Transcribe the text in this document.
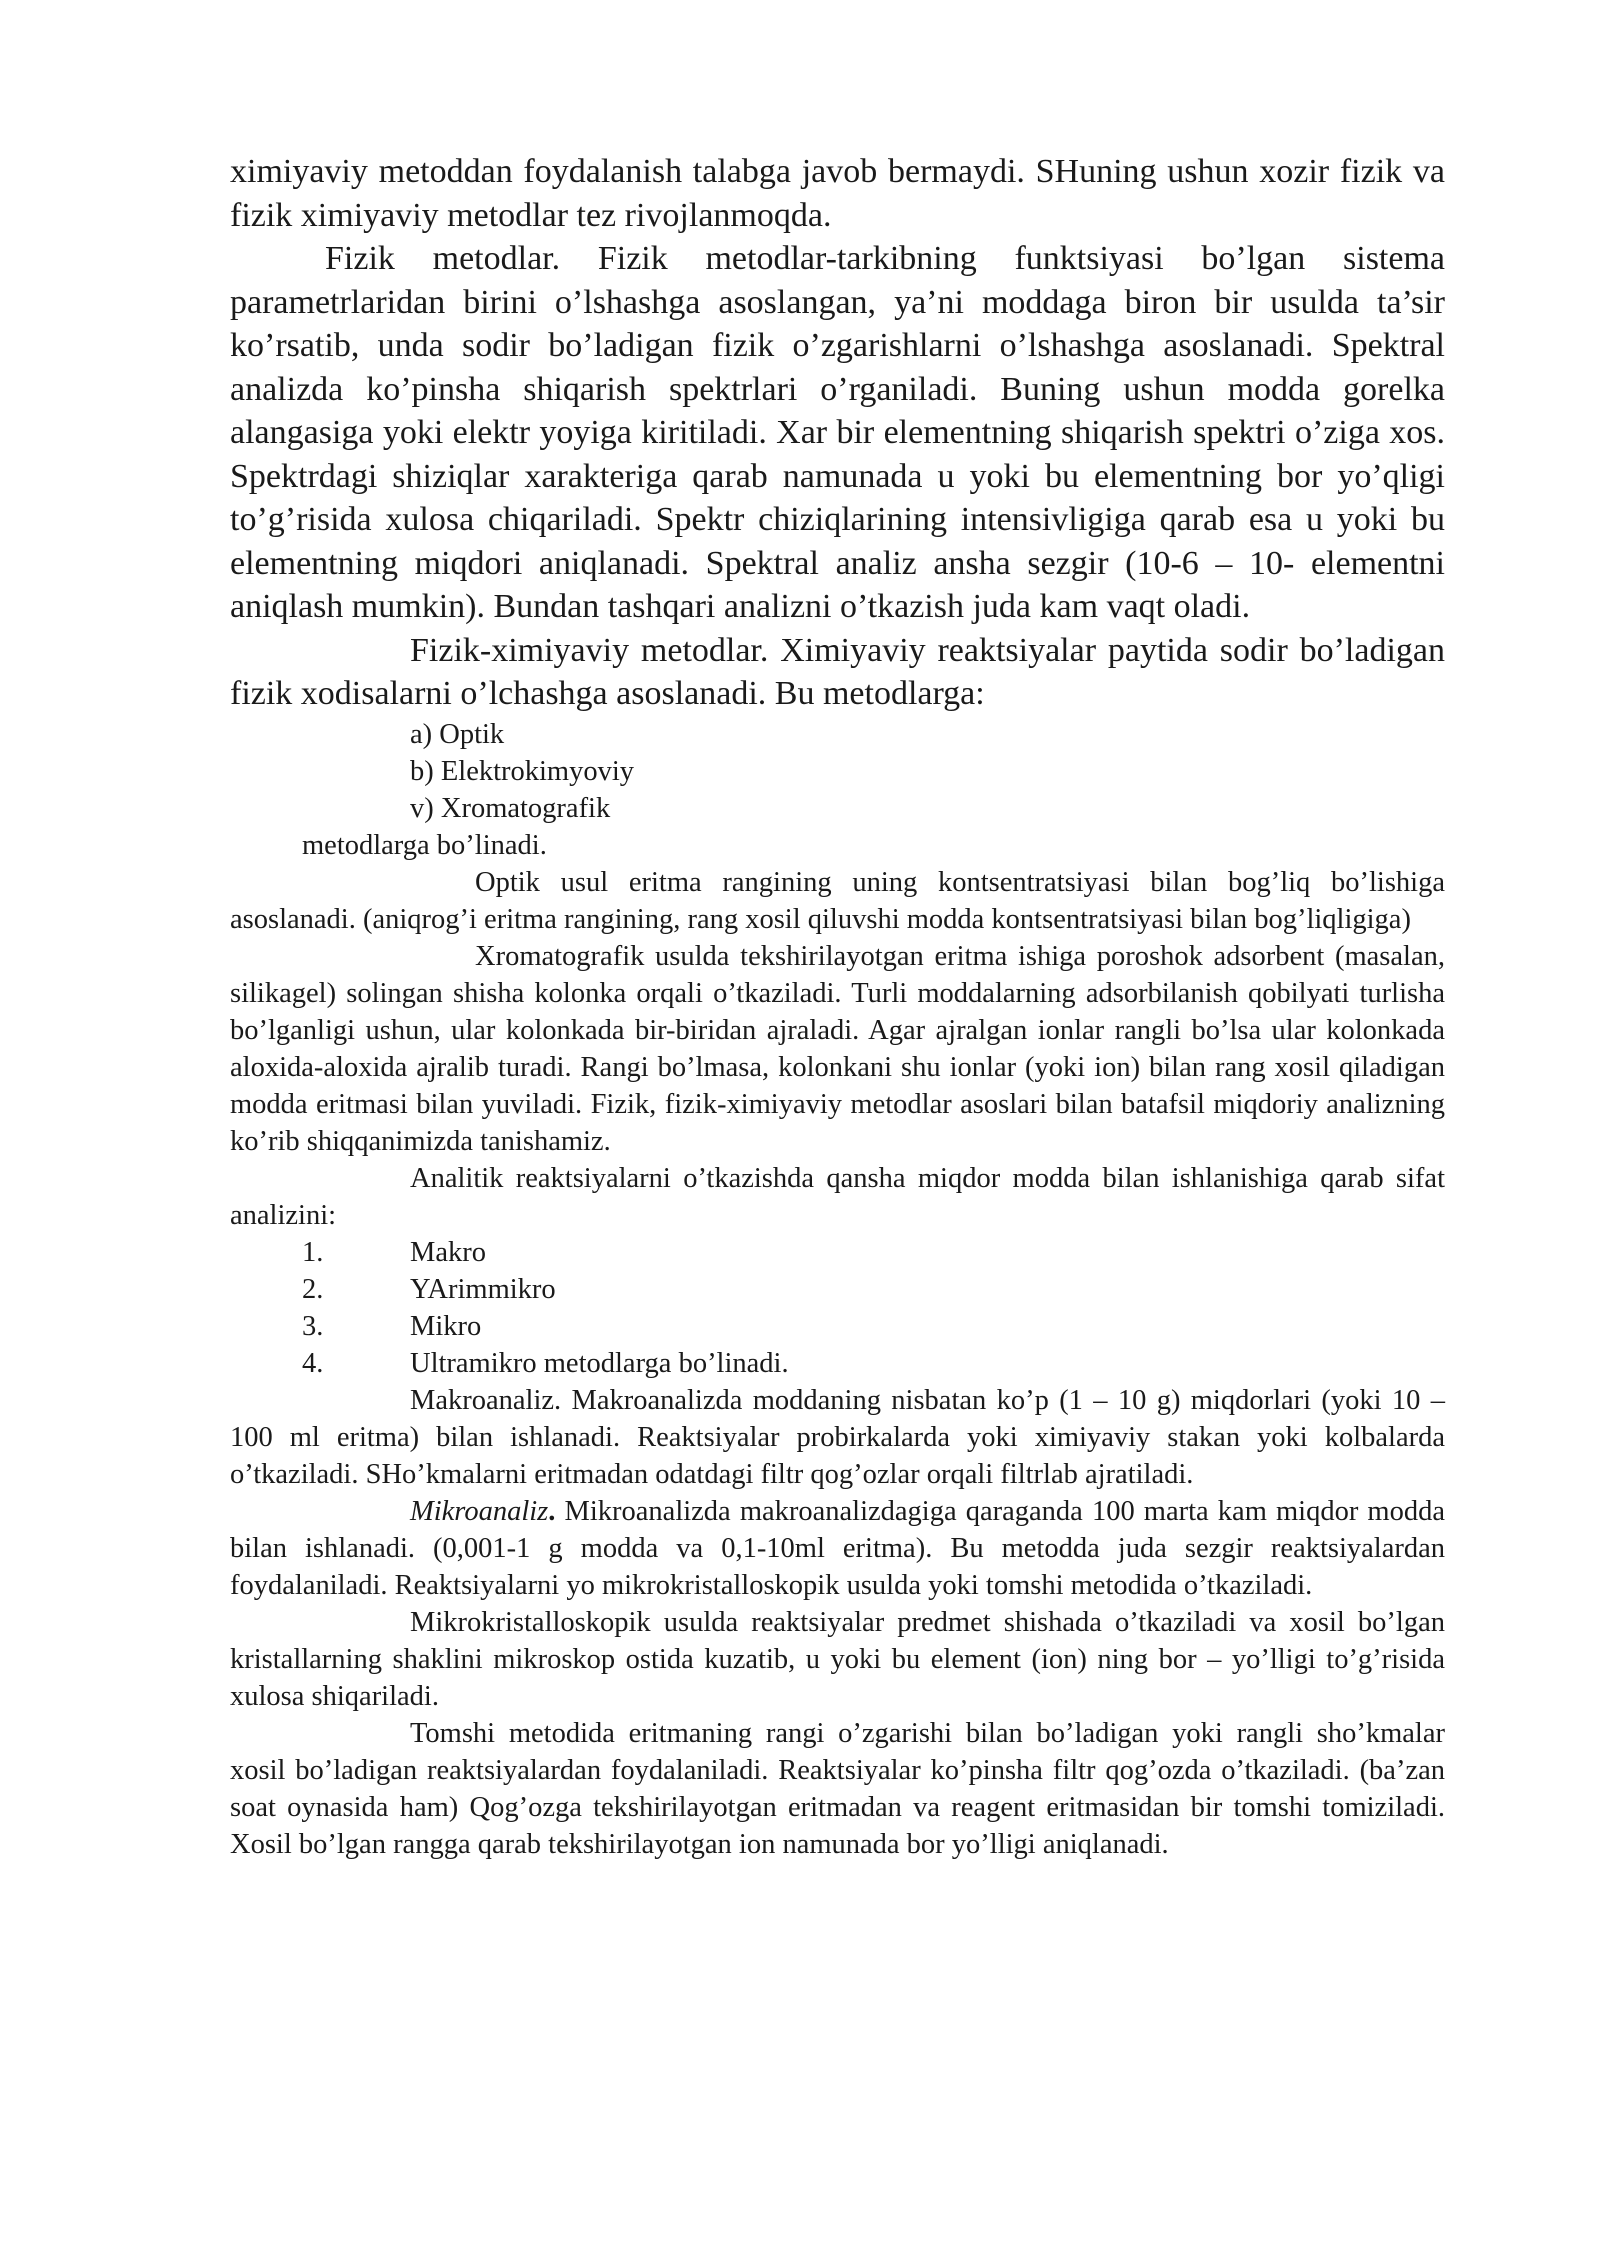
ximiyaviy metoddan foydalanish talabga javob bermaydi. SHuning ushun xozir fizik va fizik ximiyaviy metodlar tez rivojlanmoqda.

Fizik metodlar. Fizik metodlar-tarkibning funktsiyasi bo’lgan sistema parametrlaridan birini o’lshashga asoslangan, ya’ni moddaga biron bir usulda ta’sir ko’rsatib, unda sodir bo’ladigan fizik o’zgarishlarni o’lshashga asoslanadi. Spektral analizda ko’pinsha shiqarish spektrlari o’rganiladi. Buning ushun modda gorelka alangasiga yoki elektr yoyiga kiritiladi. Xar bir elementning shiqarish spektri o’ziga xos. Spektrdagi shiziqlar xarakteriga qarab namunada u yoki bu elementning bor yo’qligi to’g’risida xulosa chiqariladi. Spektr chiziqlarining intensivligiga qarab esa u yoki bu elementning miqdori aniqlanadi. Spektral analiz ansha sezgir (10-6 – 10- elementni aniqlash mumkin). Bundan tashqari analizni o’tkazish juda kam vaqt oladi.

Fizik-ximiyaviy metodlar. Ximiyaviy reaktsiyalar paytida sodir bo’ladigan fizik xodisalarni o’lchashga asoslanadi. Bu metodlarga:

a) Optik
b) Elektrokimyoviy
v) Xromatografik
metodlarga bo’linadi.

Optik usul eritma rangining uning kontsentratsiyasi bilan bog’liq bo’lishiga asoslanadi. (aniqrog’i eritma rangining, rang xosil qiluvshi modda kontsentratsiyasi bilan bog’liqligiga)

Xromatografik usulda tekshirilayotgan eritma ishiga poroshok adsorbent (masalan, silikagel) solingan shisha kolonka orqali o’tkaziladi. Turli moddalarning adsorbilanish qobilyati turlisha bo’lganligi ushun, ular kolonkada bir-biridan ajraladi. Agar ajralgan ionlar rangli bo’lsa ular kolonkada aloxida-aloxida ajralib turadi. Rangi bo’lmasa, kolonkani shu ionlar (yoki ion) bilan rang xosil qiladigan modda eritmasi bilan yuviladi. Fizik, fizik-ximiyaviy metodlar asoslari bilan batafsil miqdoriy analizning ko’rib shiqqanimizda tanishamiz.

Analitik reaktsiyalarni o’tkazishda qansha miqdor modda bilan ishlanishiga qarab sifat analizini:

1.	Makro
2.	YArimmikro
3.	Mikro
4.	Ultramikro metodlarga bo’linadi.

Makroanaliz. Makroanalizda moddaning nisbatan ko’p (1 – 10 g) miqdorlari (yoki 10 – 100 ml eritma) bilan ishlanadi. Reaktsiyalar probirkalarda yoki ximiyaviy stakan yoki kolbalarda o’tkaziladi. SHo’kmalarni eritmadan odatdagi filtr qog’ozlar orqali filtrlab ajratiladi.

Mikroanaliz. Mikroanalizda makroanalizdagiga qaraganda 100 marta kam miqdor modda bilan ishlanadi. (0,001-1 g modda va 0,1-10ml eritma). Bu metodda juda sezgir reaktsiyalardan foydalaniladi. Reaktsiyalarni yo mikrokristalloskopik usulda yoki tomshi metodida o’tkaziladi.

Mikrokristalloskopik usulda reaktsiyalar predmet shishada o’tkaziladi va xosil bo’lgan kristallarning shaklini mikroskop ostida kuzatib, u yoki bu element (ion) ning bor – yo’lligi to’g’risida xulosa shiqariladi.

Tomshi metodida eritmaning rangi o’zgarishi bilan bo’ladigan yoki rangli sho’kmalar xosil bo’ladigan reaktsiyalardan foydalaniladi. Reaktsiyalar ko’pinsha filtr qog’ozda o’tkaziladi. (ba’zan soat oynasida ham) Qog’ozga tekshirilayotgan eritmadan va reagent eritmasidan bir tomshi tomiziladi. Xosil bo’lgan rangga qarab tekshirilayotgan ion namunada bor yo’lligi aniqlanadi.
